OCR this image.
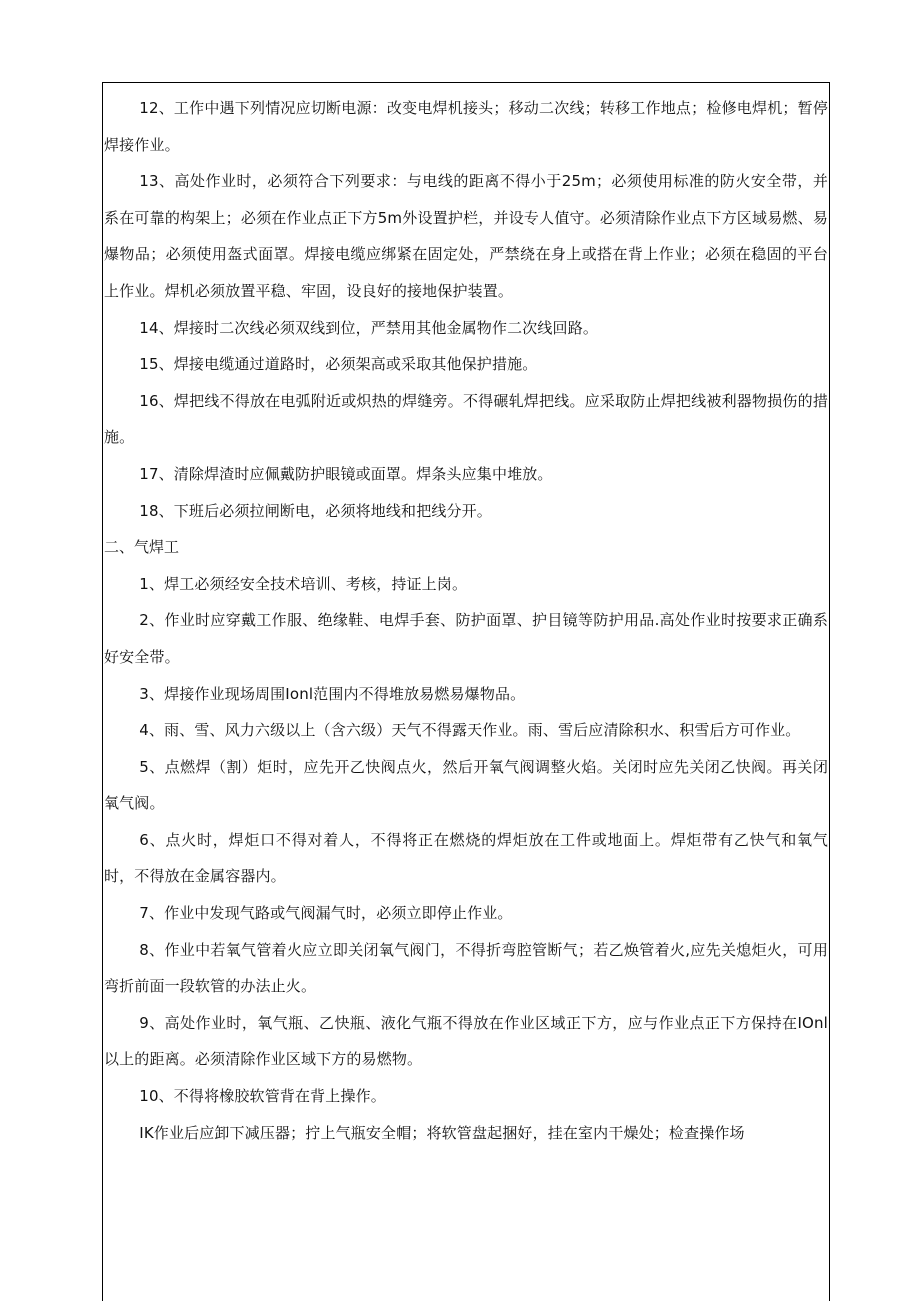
12、工作中遇下列情况应切断电源：改变电焊机接头；移动二次线；转移工作地点；检修电焊机；暂停焊接作业。

13、高处作业时，必须符合下列要求：与电线的距离不得小于25m；必须使用标准的防火安全带，并系在可靠的构架上；必须在作业点正下方5m外设置护栏，并设专人值守。必须清除作业点下方区域易燃、易爆物品；必须使用盔式面罩。焊接电缆应绑紧在固定处，严禁绕在身上或搭在背上作业；必须在稳固的平台上作业。焊机必须放置平稳、牢固，设良好的接地保护装置。

14、焊接时二次线必须双线到位，严禁用其他金属物作二次线回路。

15、焊接电缆通过道路时，必须架高或采取其他保护措施。

16、焊把线不得放在电弧附近或炽热的焊缝旁。不得碾轧焊把线。应采取防止焊把线被利器物损伤的措施。

17、清除焊渣时应佩戴防护眼镜或面罩。焊条头应集中堆放。

18、下班后必须拉闸断电，必须将地线和把线分开。

二、气焊工

1、焊工必须经安全技术培训、考核，持证上岗。

2、作业时应穿戴工作服、绝缘鞋、电焊手套、防护面罩、护目镜等防护用品.高处作业时按要求正确系好安全带。

3、焊接作业现场周围Ionl范围内不得堆放易燃易爆物品。

4、雨、雪、风力六级以上（含六级）天气不得露天作业。雨、雪后应清除积水、积雪后方可作业。

5、点燃焊（割）炬时，应先开乙快阀点火，然后开氧气阀调整火焰。关闭时应先关闭乙快阀。再关闭氧气阀。

6、点火时，焊炬口不得对着人，不得将正在燃烧的焊炬放在工件或地面上。焊炬带有乙快气和氧气时，不得放在金属容器内。

7、作业中发现气路或气阀漏气时，必须立即停止作业。

8、作业中若氧气管着火应立即关闭氧气阀门，不得折弯腔管断气；若乙焕管着火,应先关熄炬火，可用弯折前面一段软管的办法止火。

9、高处作业时，氧气瓶、乙快瓶、液化气瓶不得放在作业区域正下方，应与作业点正下方保持在IOnl以上的距离。必须清除作业区域下方的易燃物。

10、不得将橡胶软管背在背上操作。

IK作业后应卸下减压器；拧上气瓶安全帽；将软管盘起捆好，挂在室内干燥处；检查操作场
